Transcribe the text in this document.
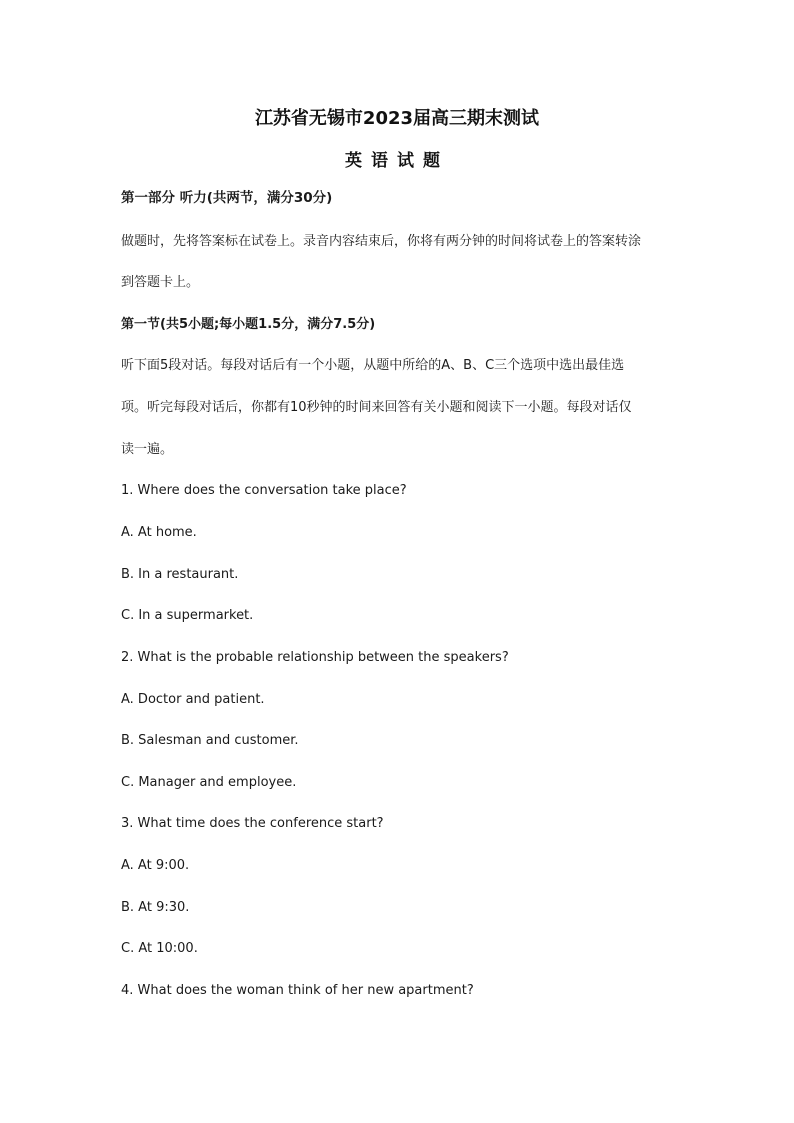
江苏省无锡市2023届高三期末测试
英语试题
第一部分 听力(共两节，满分30分)
做题时，先将答案标在试卷上。录音内容结束后，你将有两分钟的时间将试卷上的答案转涂
到答题卡上。
第一节(共5小题;每小题1.5分，满分7.5分)
听下面5段对话。每段对话后有一个小题，从题中所给的A、B、C三个选项中选出最佳选
项。听完每段对话后，你都有10秒钟的时间来回答有关小题和阅读下一小题。每段对话仅
读一遍。
1. Where does the conversation take place?
A. At home.
B. In a restaurant.
C. In a supermarket.
2. What is the probable relationship between the speakers?
A. Doctor and patient.
B. Salesman and customer.
C. Manager and employee.
3. What time does the conference start?
A. At 9:00.
B. At 9:30.
C. At 10:00.
4. What does the woman think of her new apartment?
